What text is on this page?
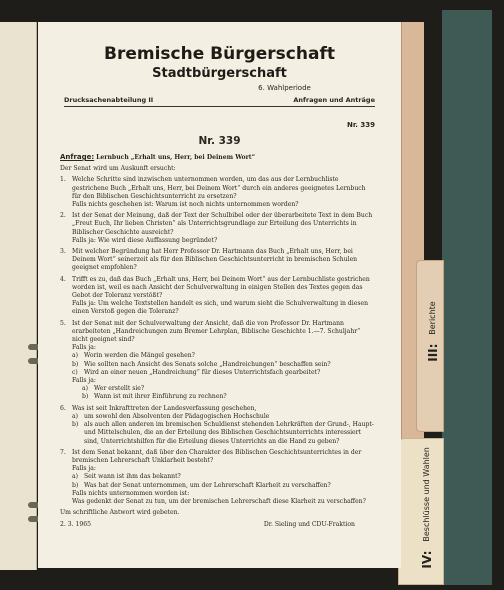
III: Berichte
IV: Beschlüsse und Wahlen
Bremische Bürgerschaft
Stadtbürgerschaft
6. Wahlperiode
Drucksachenabteilung II	Anfragen und Anträge
Nr. 339
Nr. 339
Anfrage: Lernbuch „Erhalt uns, Herr, bei Deinem Wort“
Der Senat wird um Auskunft ersucht:
1.	Welche Schritte sind inzwischen unternommen worden, um das aus der Lernbuchliste gestrichene Buch „Erhalt uns, Herr, bei Deinem Wort“ durch ein anderes geeignetes Lernbuch für den Biblischen Geschichtsunterricht zu ersetzen?
Falls nichts geschehen ist: Warum ist noch nichts unternommen worden?
2.	Ist der Senat der Meinung, daß der Text der Schulbibel oder der überarbeitete Text in dem Buch „Freut Euch, Ihr lieben Christen“ als Unterrichtsgrundlage zur Erteilung des Unterrichts in Biblischer Geschichte ausreicht?
Falls ja: Wie wird diese Auffassung begründet?
3.	Mit welcher Begründung hat Herr Professor Dr. Hartmann das Buch „Erhalt uns, Herr, bei Deinem Wort“ seinerzeit als für den Biblischen Geschichtsunterricht in bremischen Schulen geeignet empfohlen?
4.	Trifft es zu, daß das Buch „Erhalt uns, Herr, bei Deinem Wort“ aus der Lernbuchliste gestrichen worden ist, weil es nach Ansicht der Schulverwaltung in einigen Stellen des Textes gegen das Gebot der Toleranz verstößt?
Falls ja: Um welche Textstellen handelt es sich, und warum sieht die Schulverwaltung in diesen einen Verstoß gegen die Toleranz?
5.	Ist der Senat mit der Schulverwaltung der Ansicht, daß die von Professor Dr. Hartmann erarbeiteten „Handreichungen zum Bremer Lehrplan, Biblische Geschichte 1.—7. Schuljahr“ nicht geeignet sind?
Falls ja:
a) Worin werden die Mängel gesehen?
b) Wie sollten nach Ansicht des Senats solche „Handreichungen“ beschaffen sein?
c)	Wird an einer neuen „Handreichung“ für dieses Unterrichtsfach gearbeitet?
Falls ja:
a) Wer erstellt sie?
b) Wann ist mit ihrer Einführung zu rechnen?
6.	Was ist seit Inkrafttreten der Landesverfassung geschehen,
a) um sowohl den Absolventen der Pädagogischen Hochschule
b) als auch allen anderen im bremischen Schuldienst stehenden Lehrkräften der Grund-, Haupt- und Mittelschulen, die an der Erteilung des Biblischen Geschichtsunterrichts interessiert sind, Unterrichtshilfen für die Erteilung dieses Unterrichts an die Hand zu geben?
7.	Ist dem Senat bekannt, daß über den Charakter des Biblischen Geschichtsunterrichtes in der bremischen Lehrerschaft Unklarheit besteht?
Falls ja:
a) Seit wann ist ihm das bekannt?
b) Was hat der Senat unternommen, um der Lehrerschaft Klarheit zu verschaffen?
Falls nichts unternommen worden ist:
Was gedenkt der Senat zu tun, um der bremischen Lehrerschaft diese Klarheit zu verschaffen?
Um schriftliche Antwort wird gebeten.
2. 3. 1965	Dr. Sieling und CDU-Fraktion
